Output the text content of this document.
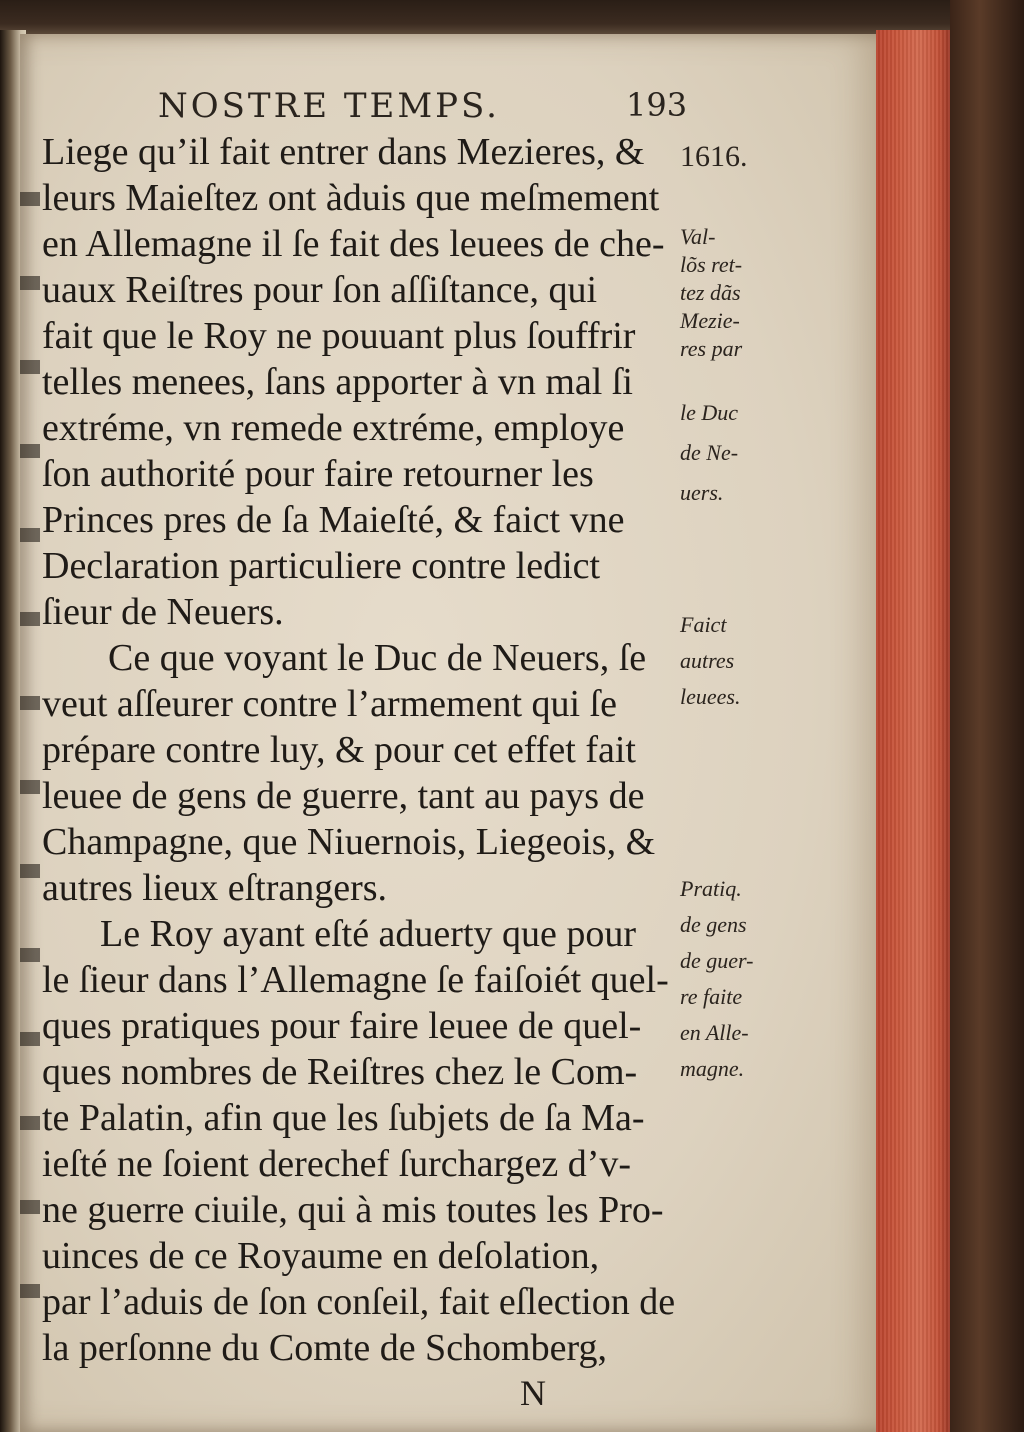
NOSTRE TEMPS.	193
Liege qu’il fait entrer dans Mezieres, &
leurs Maieſtez ont àduis que meſmement
en Allemagne il ſe fait des leuees de che-
uaux Reiſtres pour ſon aſſiſtance, qui
fait que le Roy ne pouuant plus ſouffrir
telles menees, ſans apporter à vn mal ſi
extréme, vn remede extréme, employe
ſon authorité pour faire retourner les
Princes pres de ſa Maieſté, & faict vne
Declaration particuliere contre ledict
ſieur de Neuers.
Ce que voyant le Duc de Neuers, ſe
veut aſſeurer contre l’armement qui ſe
prépare contre luy, & pour cet effet fait
leuee de gens de guerre, tant au pays de
Champagne, que Niuernois, Liegeois, &
autres lieux eſtrangers.
Le Roy ayant eſté aduerty que pour
le ſieur dans l’Allemagne ſe faiſoiét quel-
ques pratiques pour faire leuee de quel-
ques nombres de Reiſtres chez le Com-
te Palatin, afin que les ſubjets de ſa Ma-
ieſté ne ſoient derechef ſurchargez d’v-
ne guerre ciuile, qui à mis toutes les Pro-
uinces de ce Royaume en deſolation,
par l’aduis de ſon conſeil, fait eſlection de
la perſonne du Comte de Schomberg,
N
1616.
Val-
lõs ret-
tez dãs
Mezie-
res par
le Duc
de Ne-
uers.
Faict
autres
leuees.
Pratiq.
de gens
de guer-
re faite
en Alle-
magne.
